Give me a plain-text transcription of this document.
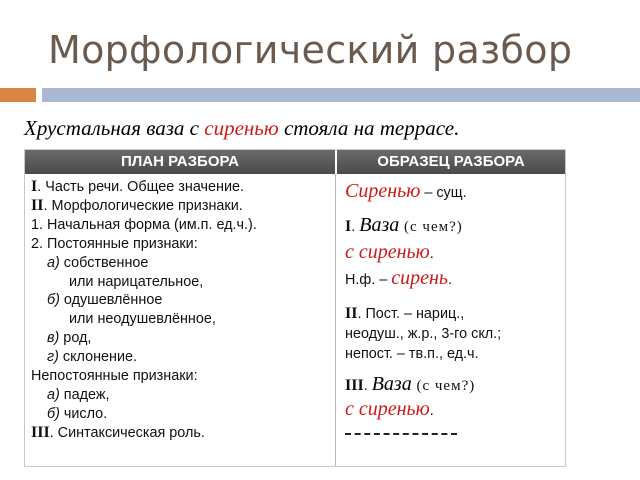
Морфологический разбор
Хрустальная ваза с сиренью стояла на террасе.
ПЛАН РАЗБОРА	ОБРАЗЕЦ РАЗБОРА
I. Часть речи. Общее значение.
II. Морфологические признаки.
1. Начальная форма (им.п. ед.ч.).
2. Постоянные признаки:
а) собственное
или нарицательное,
б) одушевлённое
или неодушевлённое,
в) род,
г) склонение.
Непостоянные признаки:
а) падеж,
б) число.
III. Синтаксическая роль.
Сиренью – сущ.
I. Ваза (с чем?)
с сиренью.
Н.ф. – сирень.
II. Пост. – нариц.,
неодуш., ж.р., 3-го скл.;
непост. – тв.п., ед.ч.
III. Ваза (с чем?)
с сиренью.
